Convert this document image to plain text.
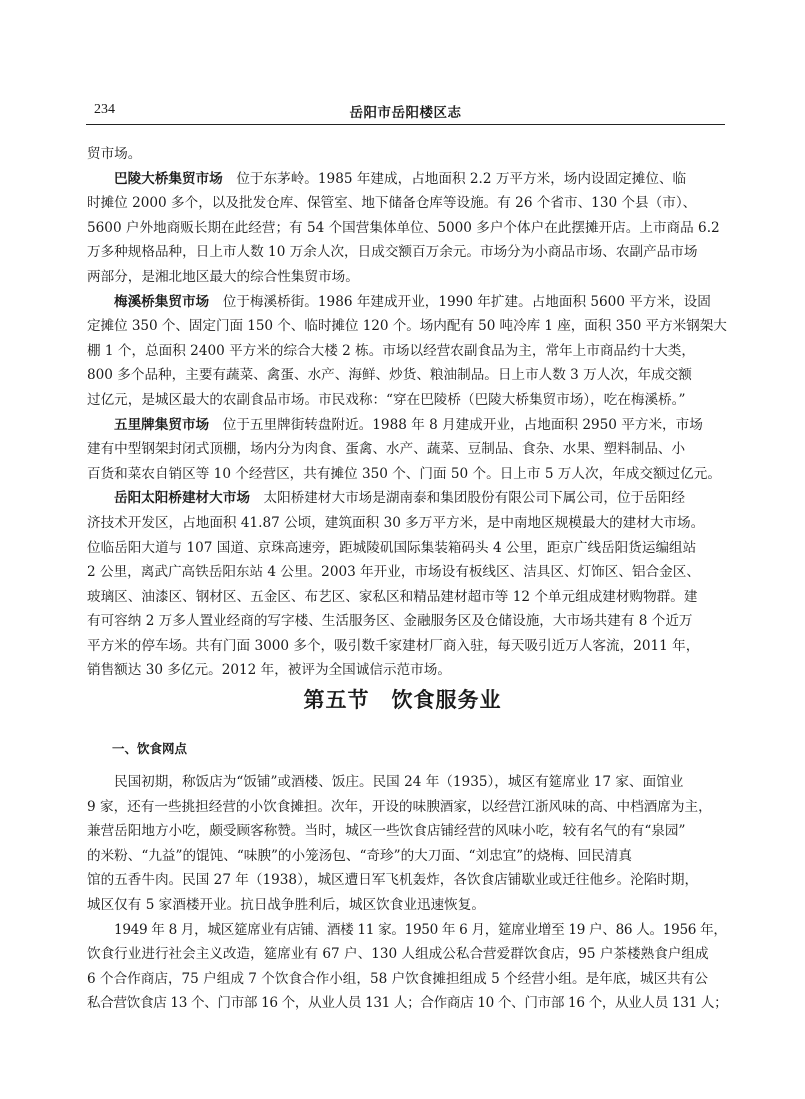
234	岳阳市岳阳楼区志
贸市场。
巴陵大桥集贸市场　 位于东茅岭。1985 年建成，占地面积 2.2 万平方米，场内设固定摊位、临
时摊位 2000 多个，以及批发仓库、保管室、地下储备仓库等设施。有 26 个省市、130 个县（市）、
5600 户外地商贩长期在此经营；有 54 个国营集体单位、5000 多户个体户在此摆摊开店。上市商品 6.2
万多种规格品种，日上市人数 10 万余人次，日成交额百万余元。市场分为小商品市场、农副产品市场
两部分，是湘北地区最大的综合性集贸市场。
梅溪桥集贸市场　 位于梅溪桥街。1986 年建成开业，1990 年扩建。占地面积 5600 平方米，设固
定摊位 350 个、固定门面 150 个、临时摊位 120 个。场内配有 50 吨冷库 1 座，面积 350 平方米钢架大
棚 1 个，总面积 2400 平方米的综合大楼 2 栋。市场以经营农副食品为主，常年上市商品约十大类，
800 多个品种，主要有蔬菜、禽蛋、水产、海鲜、炒货、粮油制品。日上市人数 3 万人次，年成交额
过亿元，是城区最大的农副食品市场。市民戏称：“穿在巴陵桥（巴陵大桥集贸市场），吃在梅溪桥。”
五里牌集贸市场　 位于五里牌街转盘附近。1988 年 8 月建成开业，占地面积 2950 平方米，市场
建有中型钢架封闭式顶棚，场内分为肉食、蛋禽、水产、蔬菜、豆制品、食杂、水果、塑料制品、小
百货和菜农自销区等 10 个经营区，共有摊位 350 个、门面 50 个。日上市 5 万人次，年成交额过亿元。
岳阳太阳桥建材大市场　 太阳桥建材大市场是湖南泰和集团股份有限公司下属公司，位于岳阳经
济技术开发区，占地面积 41.87 公顷，建筑面积 30 多万平方米，是中南地区规模最大的建材大市场。
位临岳阳大道与 107 国道、京珠高速旁，距城陵矶国际集装箱码头 4 公里，距京广线岳阳货运编组站
2 公里，离武广高铁岳阳东站 4 公里。2003 年开业，市场设有板线区、洁具区、灯饰区、铝合金区、
玻璃区、油漆区、钢材区、五金区、布艺区、家私区和精品建材超市等 12 个单元组成建材购物群。建
有可容纳 2 万多人置业经商的写字楼、生活服务区、金融服务区及仓储设施，大市场共建有 8 个近万
平方米的停车场。共有门面 3000 多个，吸引数千家建材厂商入驻，每天吸引近万人客流，2011 年，
销售额达 30 多亿元。2012 年，被评为全国诚信示范市场。
第五节　饮食服务业
一、饮食网点
民国初期，称饭店为“饭铺”或酒楼、饭庄。民国 24 年（1935），城区有筵席业 17 家、面馆业
9 家，还有一些挑担经营的小饮食摊担。次年，开设的味腴酒家，以经营江浙风味的高、中档酒席为主，
兼营岳阳地方小吃，颇受顾客称赞。当时，城区一些饮食店铺经营的风味小吃，较有名气的有“泉园”
的米粉、“九益”的馄饨、“味腴”的小笼汤包、“奇珍”的大刀面、“刘忠宜”的烧梅、回民清真
馆的五香牛肉。民国 27 年（1938），城区遭日军飞机轰炸，各饮食店铺歇业或迁往他乡。沦陷时期，
城区仅有 5 家酒楼开业。抗日战争胜利后，城区饮食业迅速恢复。
1949 年 8 月，城区筵席业有店铺、酒楼 11 家。1950 年 6 月，筵席业增至 19 户、86 人。1956 年，
饮食行业进行社会主义改造，筵席业有 67 户、130 人组成公私合营爱群饮食店，95 户茶楼熟食户组成
6 个合作商店，75 户组成 7 个饮食合作小组，58 户饮食摊担组成 5 个经营小组。是年底，城区共有公
私合营饮食店 13 个、门市部 16 个，从业人员 131 人；合作商店 10 个、门市部 16 个，从业人员 131 人；
